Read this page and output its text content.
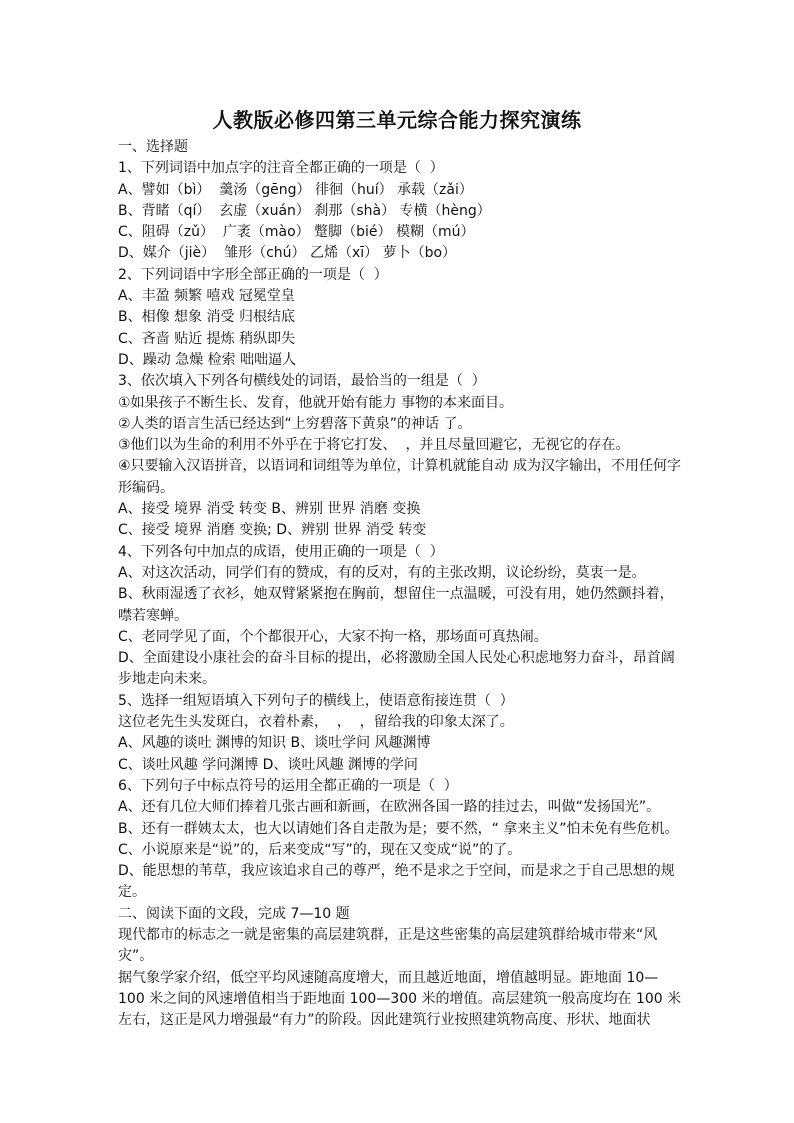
人教版必修四第三单元综合能力探究演练

一、选择题

1、下列词语中加点字的注音全都正确的一项是（  ）

A、譬如（bì）  羹汤（gēng） 徘徊（huí） 承载（zǎi）

B、背睹（qí）  玄虚（xuán） 刹那（shà） 专横（hèng）

C、阻碍（zǔ）  广袤（mào） 蹩脚（bié） 模糊（mú）

D、媒介（jiè）  雏形（chú） 乙烯（xī） 萝卜（bo）

2、下列词语中字形全部正确的一项是（  ）

A、丰盈 频繁 嘻戏 冠冕堂皇

B、相像 想象 消受 归根结底

C、吝啬 贴近 提炼 稍纵即失

D、躁动 急燥 检索 咄咄逼人

3、依次填入下列各句横线处的词语，最恰当的一组是（  ）

①如果孩子不断生长、发育，他就开始有能力 事物的本来面目。

②人类的语言生活已经达到“上穷碧落下黄泉”的神话 了。

③他们以为生命的利用不外乎在于将它打发、  ，并且尽量回避它，无视它的存在。

④只要输入汉语拼音，以语词和词组等为单位，计算机就能自动 成为汉字输出，不用任何字形编码。

A、接受 境界 消受 转变 B、辨别 世界 消磨 变换

C、接受 境界 消磨 变换; D、辨别 世界 消受 转变

4、下列各句中加点的成语，使用正确的一项是（  ）

A、对这次活动，同学们有的赞成，有的反对，有的主张改期，议论纷纷，莫衷一是。

B、秋雨湿透了衣衫，她双臂紧紧抱在胸前，想留住一点温暖，可没有用，她仍然颤抖着，噤若寒蝉。

C、老同学见了面，个个都很开心，大家不拘一格，那场面可真热闹。

D、全面建设小康社会的奋斗目标的提出，必将激励全国人民处心积虑地努力奋斗，昂首阔步地走向未来。

5、选择一组短语填入下列句子的横线上，使语意衔接连贯（  ）

这位老先生头发斑白，衣着朴素，  ，  ，留给我的印象太深了。

A、风趣的谈吐 渊博的知识 B、谈吐学问 风趣渊博

C、谈吐风趣 学问渊博 D、谈吐风趣 渊博的学问

6、下列句子中标点符号的运用全都正确的一项是（  ）

A、还有几位大师们捧着几张古画和新画，在欧洲各国一路的挂过去，叫做“发扬国光”。

B、还有一群姨太太，也大以请她们各自走散为是；要不然，“ 拿来主义”怕未免有些危机。

C、小说原来是“说”的，后来变成“写”的，现在又变成“说”的了。

D、能思想的苇草，我应该追求自己的尊严，绝不是求之于空间，而是求之于自己思想的规定。

二、阅读下面的文段，完成 7—10 题

现代都市的标志之一就是密集的高层建筑群，正是这些密集的高层建筑群给城市带来“风灾”。

据气象学家介绍，低空平均风速随高度增大，而且越近地面，增值越明显。距地面 10—100 米之间的风速增值相当于距地面 100—300 米的增值。高层建筑一般高度均在 100 米左右，这正是风力增强最“有力”的阶段。因此建筑行业按照建筑物高度、形状、地面状
